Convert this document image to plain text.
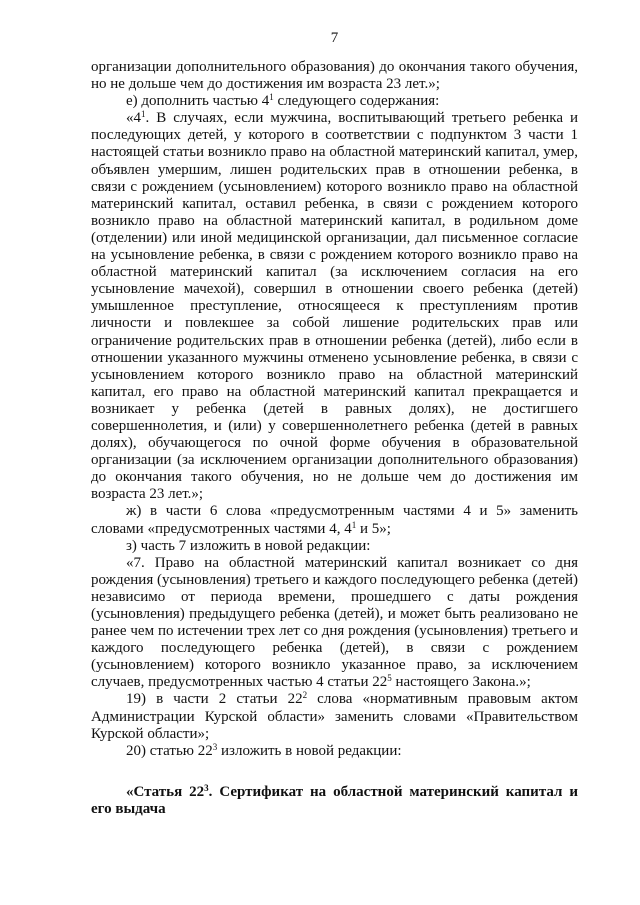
7

организации дополнительного образования) до окончания такого обучения, но не дольше чем до достижения им возраста 23 лет.»;

е) дополнить частью $4^1$ следующего содержания:

«$4^1$. В случаях, если мужчина, воспитывающий третьего ребенка и последующих детей, у которого в соответствии с подпунктом 3 части 1 настоящей статьи возникло право на областной материнский капитал, умер, объявлен умершим, лишен родительских прав в отношении ребенка, в связи с рождением (усыновлением) которого возникло право на областной материнский капитал, оставил ребенка, в связи с рождением которого возникло право на областной материнский капитал, в родильном доме (отделении) или иной медицинской организации, дал письменное согласие на усыновление ребенка, в связи с рождением которого возникло право на областной материнский капитал (за исключением согласия на его усыновление мачехой), совершил в отношении своего ребенка (детей) умышленное преступление, относящееся к преступлениям против личности и повлекшее за собой лишение родительских прав или ограничение родительских прав в отношении ребенка (детей), либо если в отношении указанного мужчины отменено усыновление ребенка, в связи с усыновлением которого возникло право на областной материнский капитал, его право на областной материнский капитал прекращается и возникает у ребенка (детей в равных долях), не достигшего совершеннолетия, и (или) у совершеннолетнего ребенка (детей в равных долях), обучающегося по очной форме обучения в образовательной организации (за исключением организации дополнительного образования) до окончания такого обучения, но не дольше чем до достижения им возраста 23 лет.»;

ж) в части 6 слова «предусмотренным частями 4 и 5» заменить словами «предусмотренных частями 4, $4^1$ и 5»;

з) часть 7 изложить в новой редакции:

«7. Право на областной материнский капитал возникает со дня рождения (усыновления) третьего и каждого последующего ребенка (детей) независимо от периода времени, прошедшего с даты рождения (усыновления) предыдущего ребенка (детей), и может быть реализовано не ранее чем по истечении трех лет со дня рождения (усыновления) третьего и каждого последующего ребенка (детей), в связи с рождением (усыновлением) которого возникло указанное право, за исключением случаев, предусмотренных частью 4 статьи $22^5$ настоящего Закона.»;

19) в части 2 статьи $22^2$ слова «нормативным правовым актом Администрации Курской области» заменить словами «Правительством Курской области»;

20) статью $22^3$ изложить в новой редакции:

«Статья $22^3$. Сертификат на областной материнский капитал и его выдача
